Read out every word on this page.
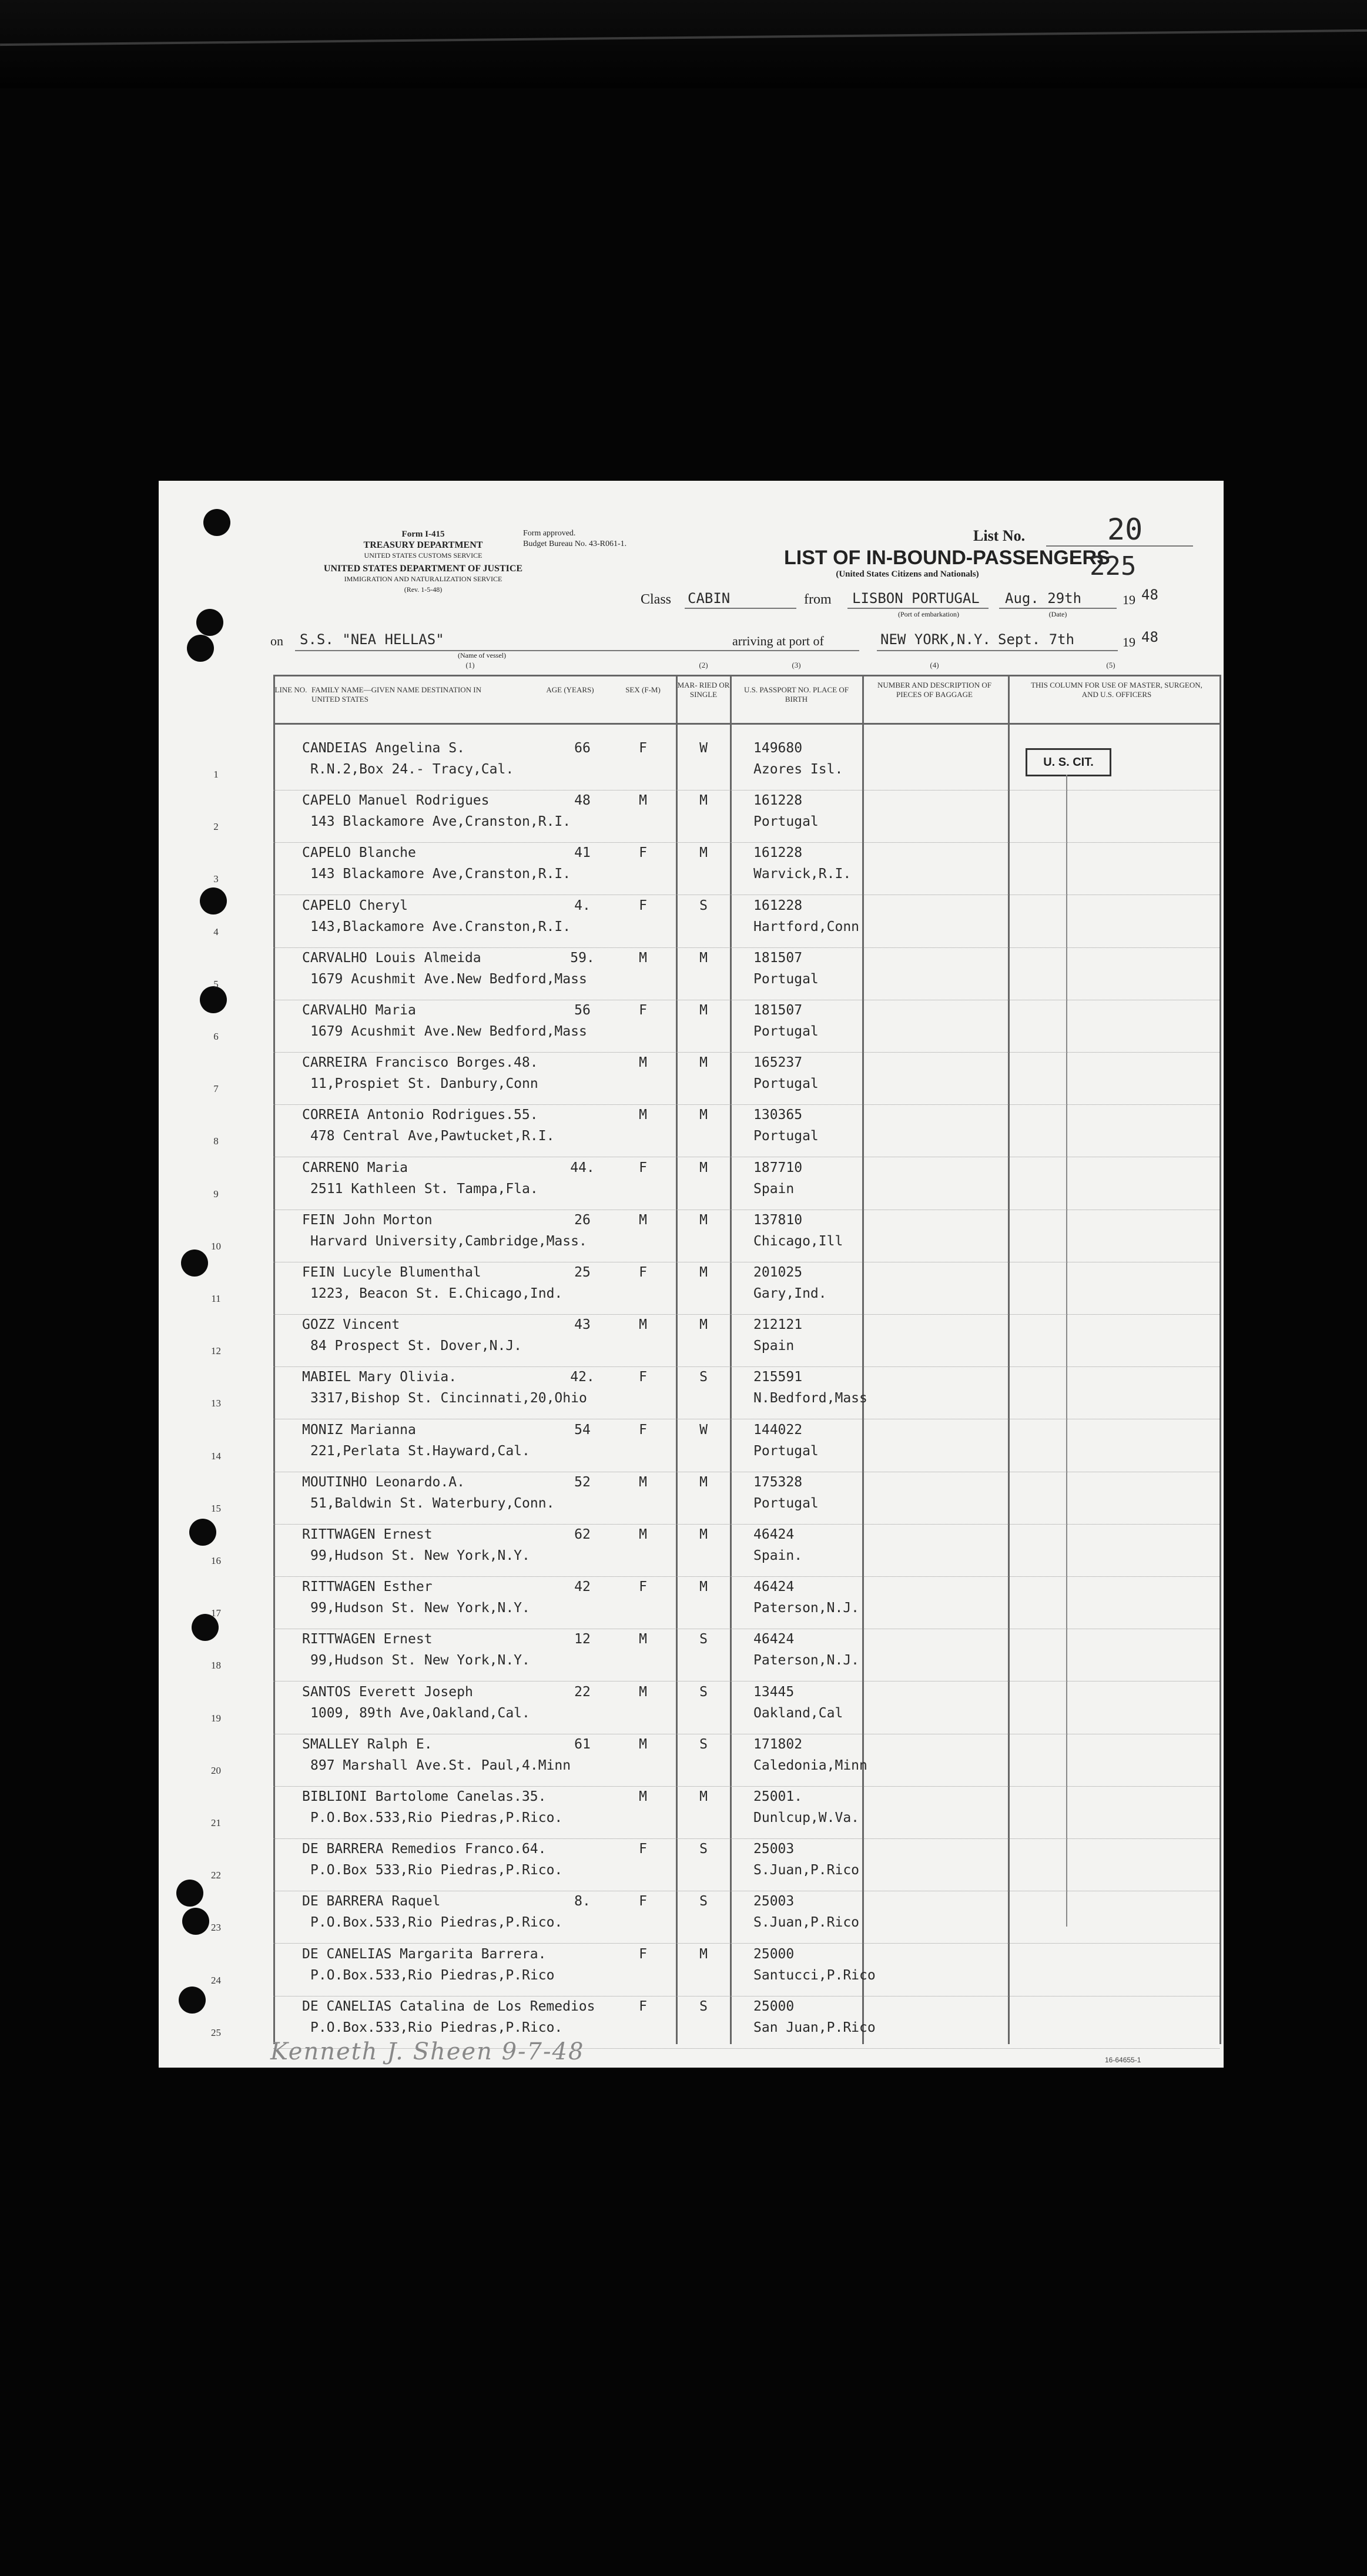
Form I-415
TREASURY DEPARTMENT
UNITED STATES CUSTOMS SERVICE
UNITED STATES DEPARTMENT OF JUSTICE
IMMIGRATION AND NATURALIZATION SERVICE
(Rev. 1-5-48)
Form approved.
Budget Bureau No. 43-R061-1.
LIST OF IN-BOUND-PASSENGERS
(United States Citizens and Nationals)
List No.	20
225
Class	CABIN	from	LISBON PORTUGAL
(Port of embarkation)
Aug. 29th
(Date)
19 48
on	S.S. "NEA HELLAS"
(Name of vessel)
arriving at port of	NEW YORK,N.Y. Sept. 7th	19 48
(1)	(2)	(3)	(4)	(5)
LINE NO. FAMILY NAME—GIVEN NAME DESTINATION IN UNITED STATES
AGE (YEARS)	SEX (F-M)
MAR- RIED OR SINGLE
U.S. PASSPORT NO. PLACE OF BIRTH
NUMBER AND DESCRIPTION OF PIECES OF BAGGAGE
THIS COLUMN FOR USE OF MASTER, SURGEON, AND U.S. OFFICERS
U. S. CIT.
1
CANDEIAS Angelina S.
R.N.2,Box 24.- Tracy,Cal.
66	F	W	149680
Azores Isl.
2
CAPELO Manuel Rodrigues
143 Blackamore Ave,Cranston,R.I.
48	M	M	161228
Portugal
3
CAPELO Blanche
143 Blackamore Ave,Cranston,R.I.
41	F	M	161228
Warvick,R.I.
4
CAPELO Cheryl
143,Blackamore Ave.Cranston,R.I.
4.	F	S	161228
Hartford,Conn
5
CARVALHO Louis Almeida
1679 Acushmit Ave.New Bedford,Mass
59.	M	M	181507
Portugal
6
CARVALHO Maria
1679 Acushmit Ave.New Bedford,Mass
56	F	M	181507
Portugal
7
CARREIRA Francisco Borges.48.
11,Prospiet St. Danbury,Conn
M	M	165237
Portugal
8
CORREIA Antonio Rodrigues.55.
478 Central Ave,Pawtucket,R.I.
M	M	130365
Portugal
9
CARRENO Maria
2511 Kathleen St. Tampa,Fla.
44.	F	M	187710
Spain
10
FEIN John Morton
Harvard University,Cambridge,Mass.
26	M	M	137810
Chicago,Ill
11
FEIN Lucyle Blumenthal
1223, Beacon St. E.Chicago,Ind.
25	F	M	201025
Gary,Ind.
12
GOZZ Vincent
84 Prospect St. Dover,N.J.
43	M	M	212121
Spain
13
MABIEL Mary Olivia.
3317,Bishop St. Cincinnati,20,Ohio
42.	F	S	215591
N.Bedford,Mass
14
MONIZ Marianna
221,Perlata St.Hayward,Cal.
54	F	W	144022
Portugal
15
MOUTINHO Leonardo.A.
51,Baldwin St. Waterbury,Conn.
52	M	M	175328
Portugal
16
RITTWAGEN Ernest
99,Hudson St. New York,N.Y.
62	M	M	46424
Spain.
17
RITTWAGEN Esther
99,Hudson St. New York,N.Y.
42	F	M	46424
Paterson,N.J.
18
RITTWAGEN Ernest
99,Hudson St. New York,N.Y.
12	M	S	46424
Paterson,N.J.
19
SANTOS Everett Joseph
1009, 89th Ave,Oakland,Cal.
22	M	S	13445
Oakland,Cal
20
SMALLEY Ralph E.
897 Marshall Ave.St. Paul,4.Minn
61	M	S	171802
Caledonia,Minn
21
BIBLIONI Bartolome Canelas.35.
P.O.Box.533,Rio Piedras,P.Rico.
M	M	25001.
Dunlcup,W.Va.
22
DE BARRERA Remedios Franco.64.
P.O.Box 533,Rio Piedras,P.Rico.
F	S	25003
S.Juan,P.Rico
23
DE BARRERA Raquel
P.O.Box.533,Rio Piedras,P.Rico.
8.	F	S	25003
S.Juan,P.Rico
24
DE CANELIAS Margarita Barrera.
P.O.Box.533,Rio Piedras,P.Rico
F	M	25000
Santucci,P.Rico
25
DE CANELIAS Catalina de Los Remedios
P.O.Box.533,Rio Piedras,P.Rico.
F	S	25000
San Juan,P.Rico
Kenneth J. Sheen 9-7-48	16-64655-1
